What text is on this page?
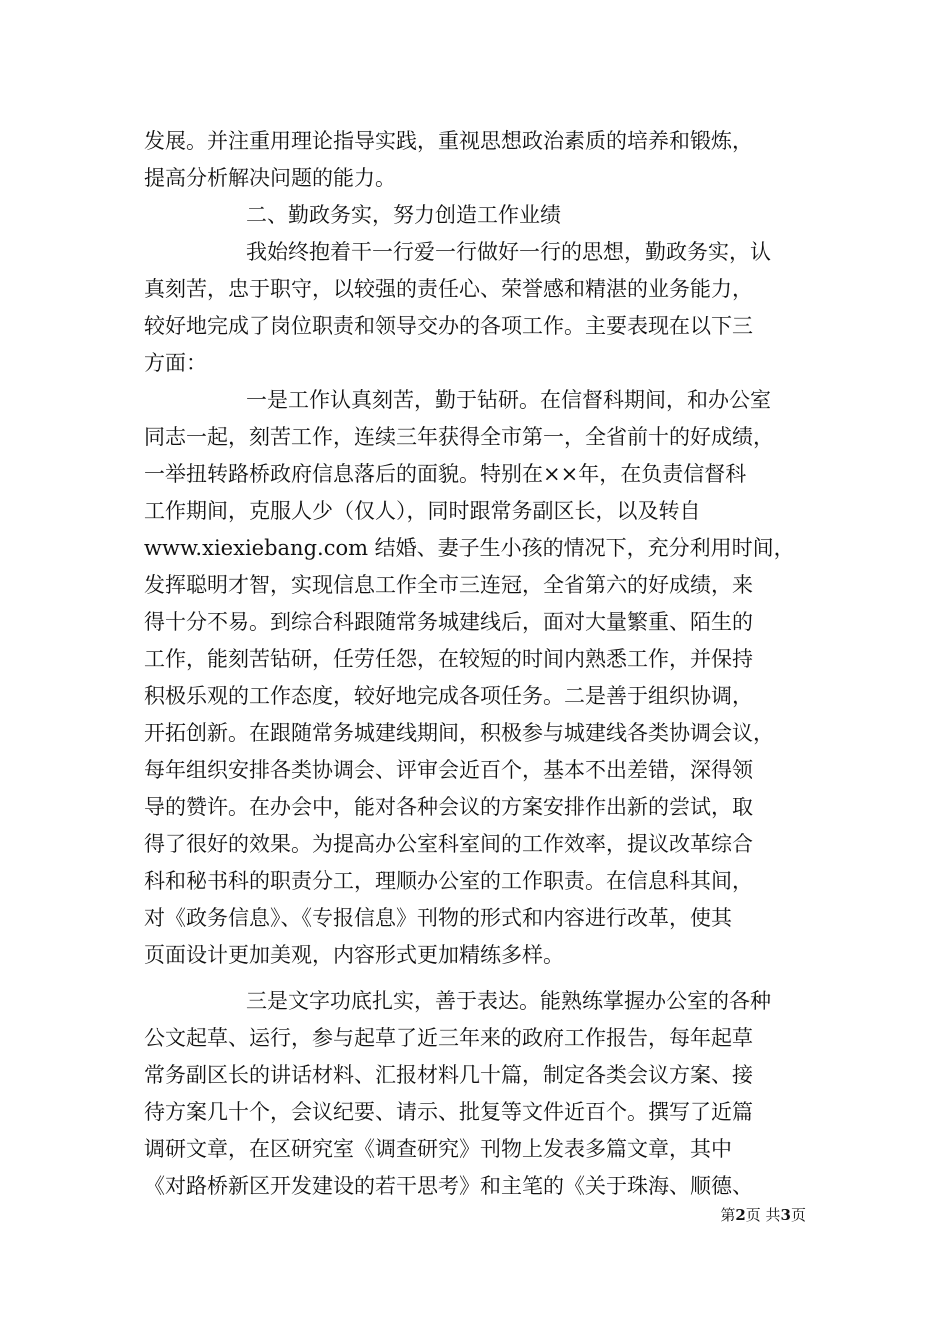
发展。并注重用理论指导实践，重视思想政治素质的培养和锻炼，
提高分析解决问题的能力。
二、勤政务实，努力创造工作业绩
我始终抱着干一行爱一行做好一行的思想，勤政务实，认
真刻苦，忠于职守，以较强的责任心、荣誉感和精湛的业务能力，
较好地完成了岗位职责和领导交办的各项工作。主要表现在以下三
方面：
一是工作认真刻苦，勤于钻研。在信督科期间，和办公室
同志一起，刻苦工作，连续三年获得全市第一，全省前十的好成绩，
一举扭转路桥政府信息落后的面貌。特别在××年，在负责信督科
工作期间，克服人少（仅人），同时跟常务副区长，以及转自
www.xiexiebang.com 结婚、妻子生小孩的情况下，充分利用时间，
发挥聪明才智，实现信息工作全市三连冠，全省第六的好成绩，来
得十分不易。到综合科跟随常务城建线后，面对大量繁重、陌生的
工作，能刻苦钻研，任劳任怨，在较短的时间内熟悉工作，并保持
积极乐观的工作态度，较好地完成各项任务。二是善于组织协调，
开拓创新。在跟随常务城建线期间，积极参与城建线各类协调会议，
每年组织安排各类协调会、评审会近百个，基本不出差错，深得领
导的赞许。在办会中，能对各种会议的方案安排作出新的尝试，取
得了很好的效果。为提高办公室科室间的工作效率，提议改革综合
科和秘书科的职责分工，理顺办公室的工作职责。在信息科其间，
对《政务信息》、《专报信息》刊物的形式和内容进行改革，使其
页面设计更加美观，内容形式更加精练多样。
三是文字功底扎实，善于表达。能熟练掌握办公室的各种
公文起草、运行，参与起草了近三年来的政府工作报告，每年起草
常务副区长的讲话材料、汇报材料几十篇，制定各类会议方案、接
待方案几十个，会议纪要、请示、批复等文件近百个。撰写了近篇
调研文章，在区研究室《调查研究》刊物上发表多篇文章，其中
《对路桥新区开发建设的若干思考》和主笔的《关于珠海、顺德、
第2页 共3页
